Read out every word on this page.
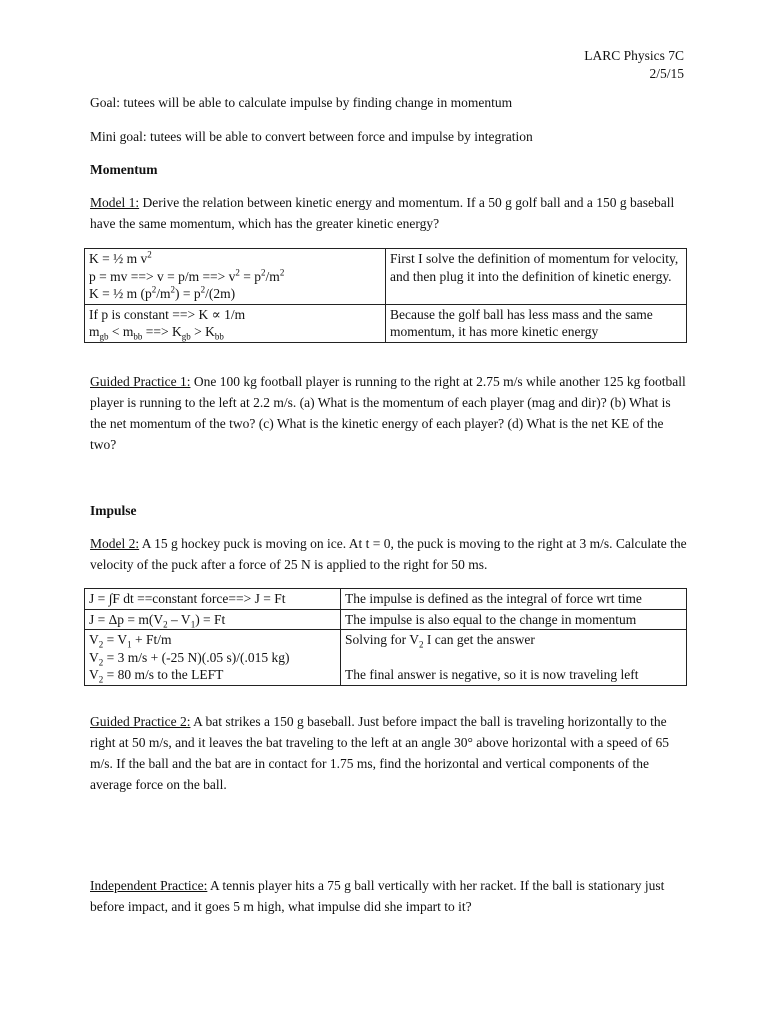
LARC Physics 7C
2/5/15

Goal: tutees will be able to calculate impulse by finding change in momentum

Mini goal: tutees will be able to convert between force and impulse by integration

Momentum

Model 1: Derive the relation between kinetic energy and momentum. If a 50 g golf ball and a 150 g baseball have the same momentum, which has the greater kinetic energy?

K = ½ m $v^2$
p = mv ==> v = p/m ==> $v^2 = p^2/m^2$
K = ½ m $(p^2/m^2) = p^2/(2m)$	First I solve the definition of momentum for velocity, and then plug it into the definition of kinetic energy.

If p is constant ==> K ∝ 1/m
$m_{gb} < m_{bb}$ ==> $K_{gb} > K_{bb}$	Because the golf ball has less mass and the same momentum, it has more kinetic energy

Guided Practice 1: One 100 kg football player is running to the right at 2.75 m/s while another 125 kg football player is running to the left at 2.2 m/s. (a) What is the momentum of each player (mag and dir)? (b) What is the net momentum of the two? (c) What is the kinetic energy of each player? (d) What is the net KE of the two?

Impulse

Model 2: A 15 g hockey puck is moving on ice. At t = 0, the puck is moving to the right at 3 m/s. Calculate the velocity of the puck after a force of 25 N is applied to the right for 50 ms.

J = ∫F dt ==constant force==> J = Ft	The impulse is defined as the integral of force wrt time
$J = \Delta p = m(V_2 - V_1) = Ft$	The impulse is also equal to the change in momentum

$V_2 = V_1 + Ft/m$
$V_2 = 3$ m/s + (-25 N)(.05 s)/(.015 kg)
$V_2 = 80$ m/s to the LEFT	Solving for $V_2$ I can get the answer

The final answer is negative, so it is now traveling left

Guided Practice 2: A bat strikes a 150 g baseball. Just before impact the ball is traveling horizontally to the right at 50 m/s, and it leaves the bat traveling to the left at an angle 30° above horizontal with a speed of 65 m/s. If the ball and the bat are in contact for 1.75 ms, find the horizontal and vertical components of the average force on the ball.

Independent Practice: A tennis player hits a 75 g ball vertically with her racket. If the ball is stationary just before impact, and it goes 5 m high, what impulse did she impart to it?
